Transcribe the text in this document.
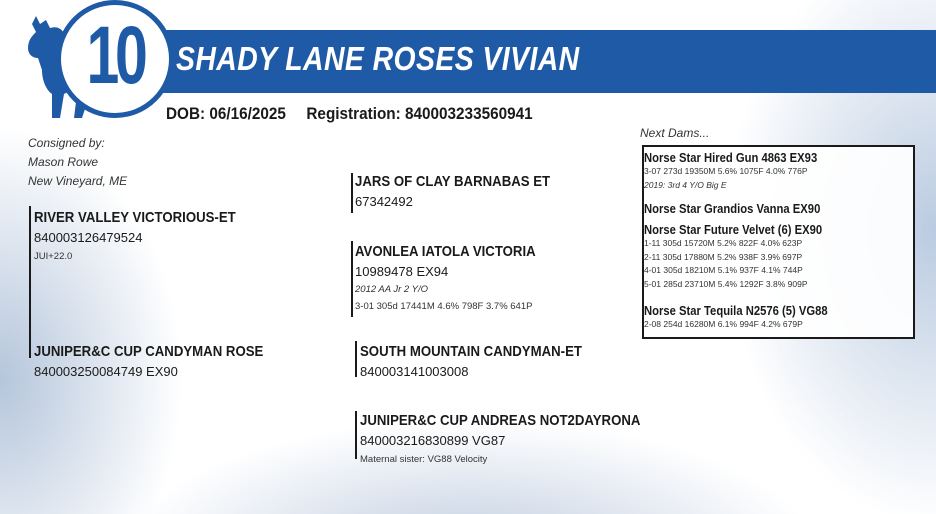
SHADY LANE ROSES VIVIAN
10
DOB: 06/16/2025 Registration: 840003233560941
Consigned by:
Mason Rowe
New Vineyard, ME
RIVER VALLEY VICTORIOUS-ET
840003126479524
JUI+22.0
JARS OF CLAY BARNABAS ET
67342492
AVONLEA IATOLA VICTORIA
10989478 EX94
2012 AA Jr 2 Y/O
3-01 305d 17441M 4.6% 798F 3.7% 641P
JUNIPER&C CUP CANDYMAN ROSE
840003250084749 EX90
SOUTH MOUNTAIN CANDYMAN-ET
840003141003008
JUNIPER&C CUP ANDREAS NOT2DAYRONA
840003216830899 VG87
Maternal sister: VG88 Velocity
Next Dams...
Norse Star Hired Gun 4863 EX93
3-07 273d 19350M 5.6% 1075F 4.0% 776P
2019: 3rd 4 Y/O Big E
Norse Star Grandios Vanna EX90
Norse Star Future Velvet (6) EX90
1-11 305d 15720M 5.2% 822F 4.0% 623P
2-11 305d 17880M 5.2% 938F 3.9% 697P
4-01 305d 18210M 5.1% 937F 4.1% 744P
5-01 285d 23710M 5.4% 1292F 3.8% 909P
Norse Star Tequila N2576 (5) VG88
2-08 254d 16280M 6.1% 994F 4.2% 679P
